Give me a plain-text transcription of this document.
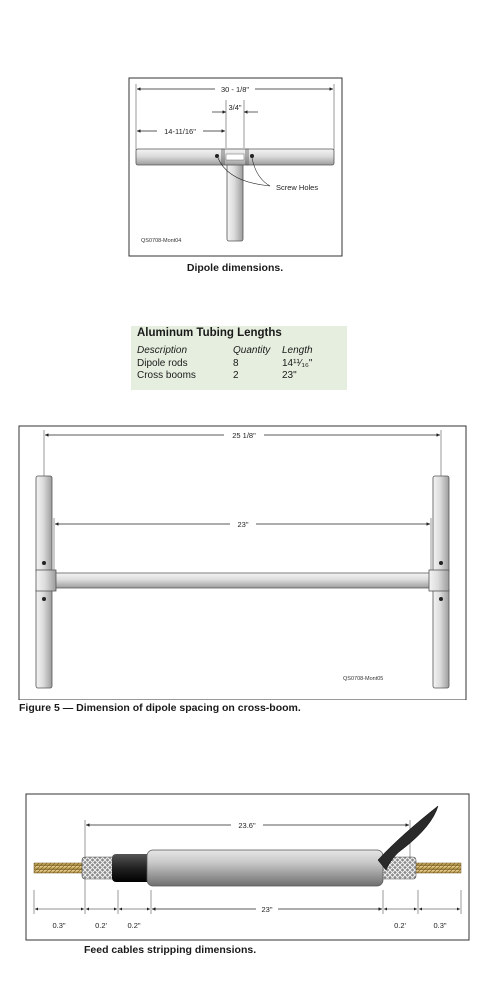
30 - 1/8"
3/4"
14-11/16"
Screw Holes
QS0708-Mont04
Dipole dimensions.
Aluminum Tubing Lengths
Description	Quantity Length
Dipole rods	8	14¹¹⁄₁₆"
Cross booms	2	23"
25 1/8"
23"
QS0708-Mont05
Figure 5 — Dimension of dipole spacing on cross-boom.
23.6"
23"
0.3"	0.2'	0.2"	0.2'	0.3"
Feed cables stripping dimensions.
